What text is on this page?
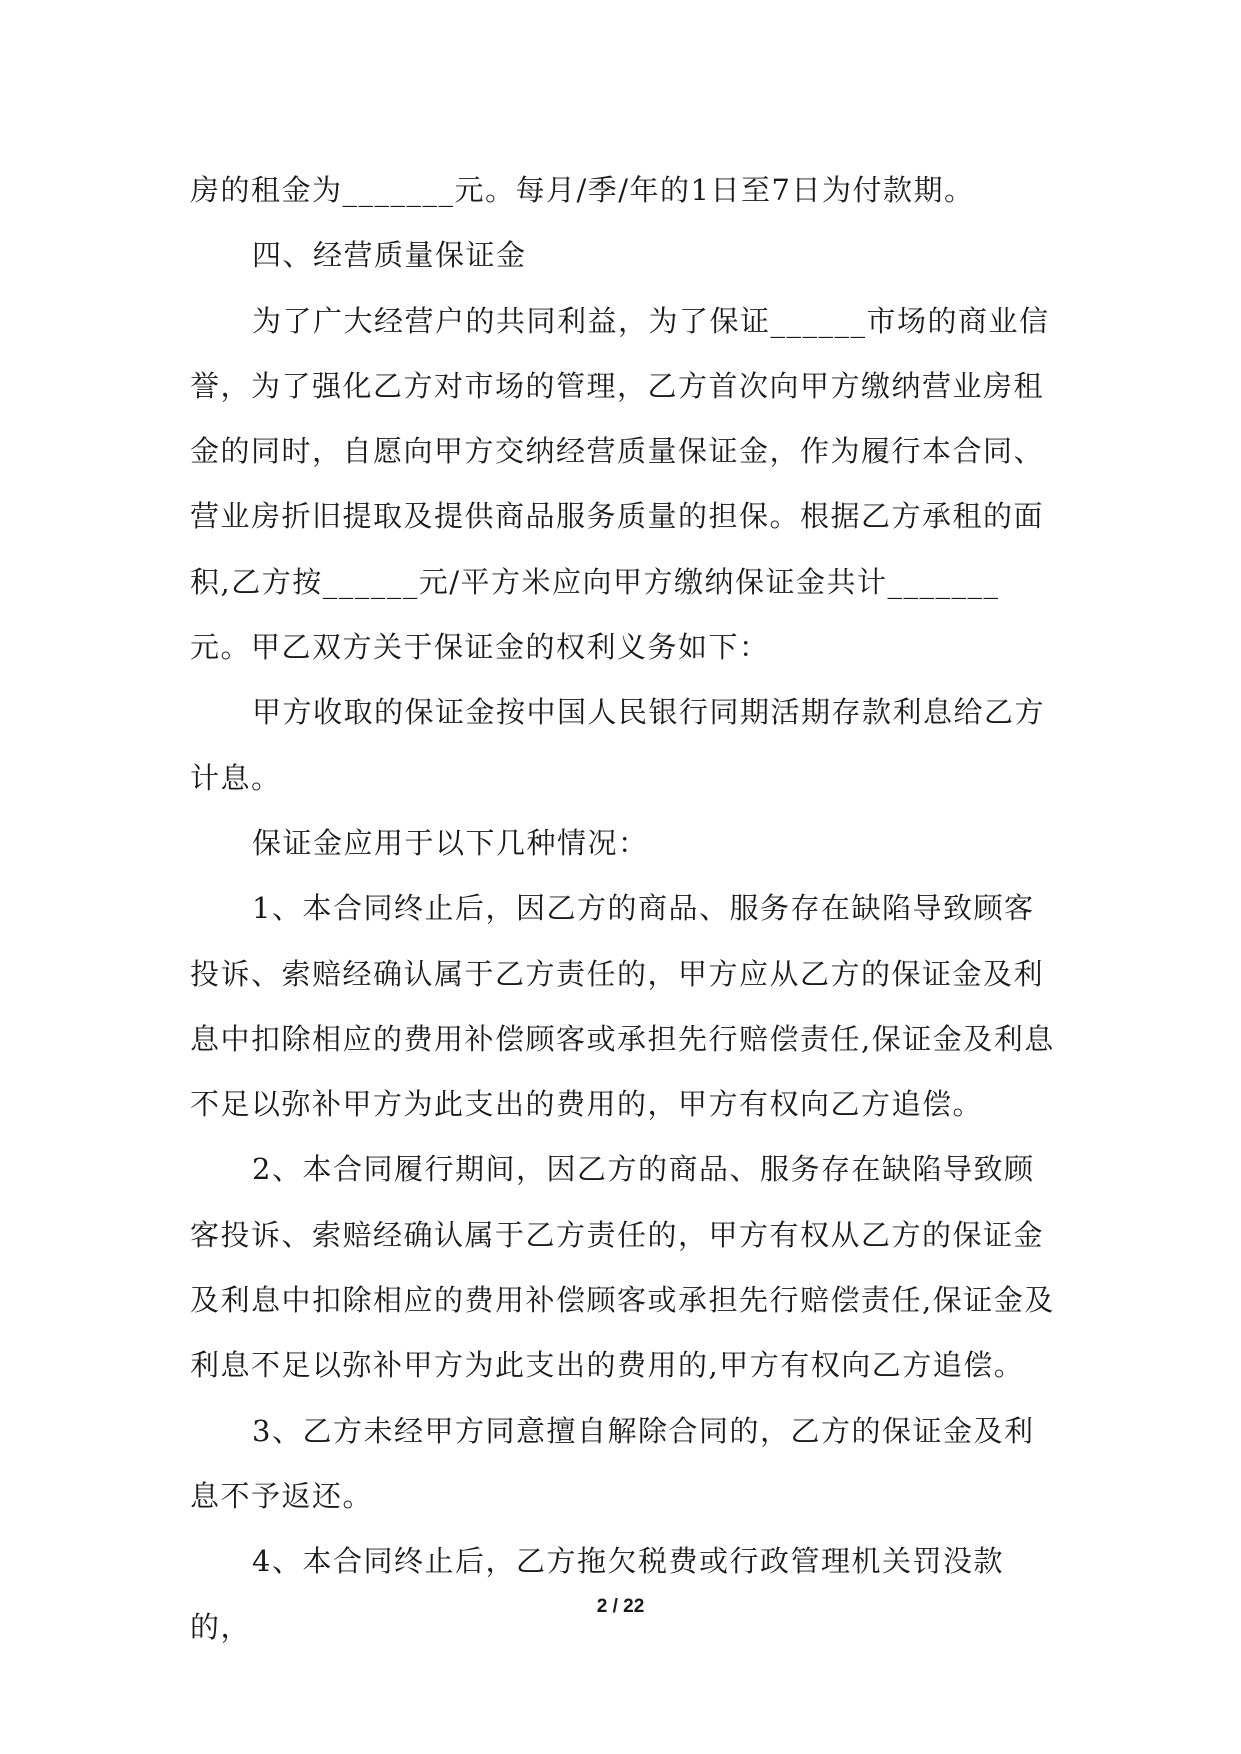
房的租金为_______元。每月/季/年的1日至7日为付款期。

四、经营质量保证金

为了广大经营户的共同利益，为了保证______市场的商业信誉，为了强化乙方对市场的管理，乙方首次向甲方缴纳营业房租金的同时，自愿向甲方交纳经营质量保证金，作为履行本合同、营业房折旧提取及提供商品服务质量的担保。根据乙方承租的面积,乙方按______元/平方米应向甲方缴纳保证金共计_______元。甲乙双方关于保证金的权利义务如下：

甲方收取的保证金按中国人民银行同期活期存款利息给乙方计息。

保证金应用于以下几种情况：

1、本合同终止后，因乙方的商品、服务存在缺陷导致顾客投诉、索赔经确认属于乙方责任的，甲方应从乙方的保证金及利息中扣除相应的费用补偿顾客或承担先行赔偿责任,保证金及利息不足以弥补甲方为此支出的费用的，甲方有权向乙方追偿。

2、本合同履行期间，因乙方的商品、服务存在缺陷导致顾客投诉、索赔经确认属于乙方责任的，甲方有权从乙方的保证金及利息中扣除相应的费用补偿顾客或承担先行赔偿责任,保证金及利息不足以弥补甲方为此支出的费用的,甲方有权向乙方追偿。

3、乙方未经甲方同意擅自解除合同的，乙方的保证金及利息不予返还。

4、本合同终止后，乙方拖欠税费或行政管理机关罚没款的，

2 / 22
